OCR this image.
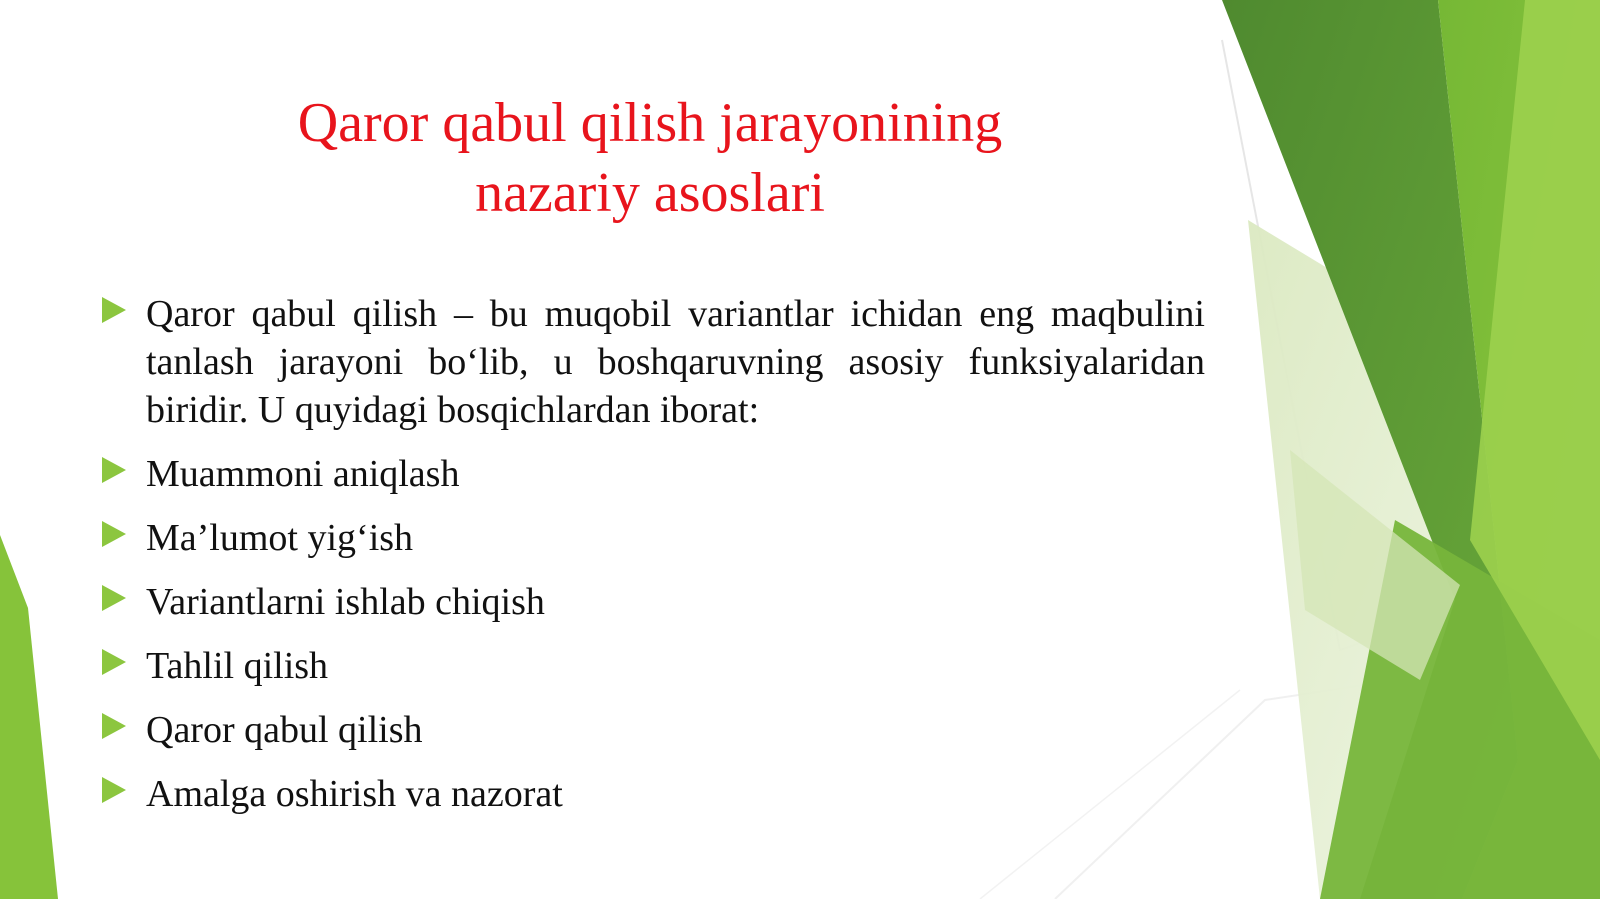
Qaror qabul qilish jarayonining
nazariy asoslari
Qaror qabul qilish – bu muqobil variantlar ichidan eng maqbulini tanlash jarayoni bo‘lib, u boshqaruvning asosiy funksiyalaridan biridir. U quyidagi bosqichlardan iborat:
Muammoni aniqlash
Ma’lumot yig‘ish
Variantlarni ishlab chiqish
Tahlil qilish
Qaror qabul qilish
Amalga oshirish va nazorat
